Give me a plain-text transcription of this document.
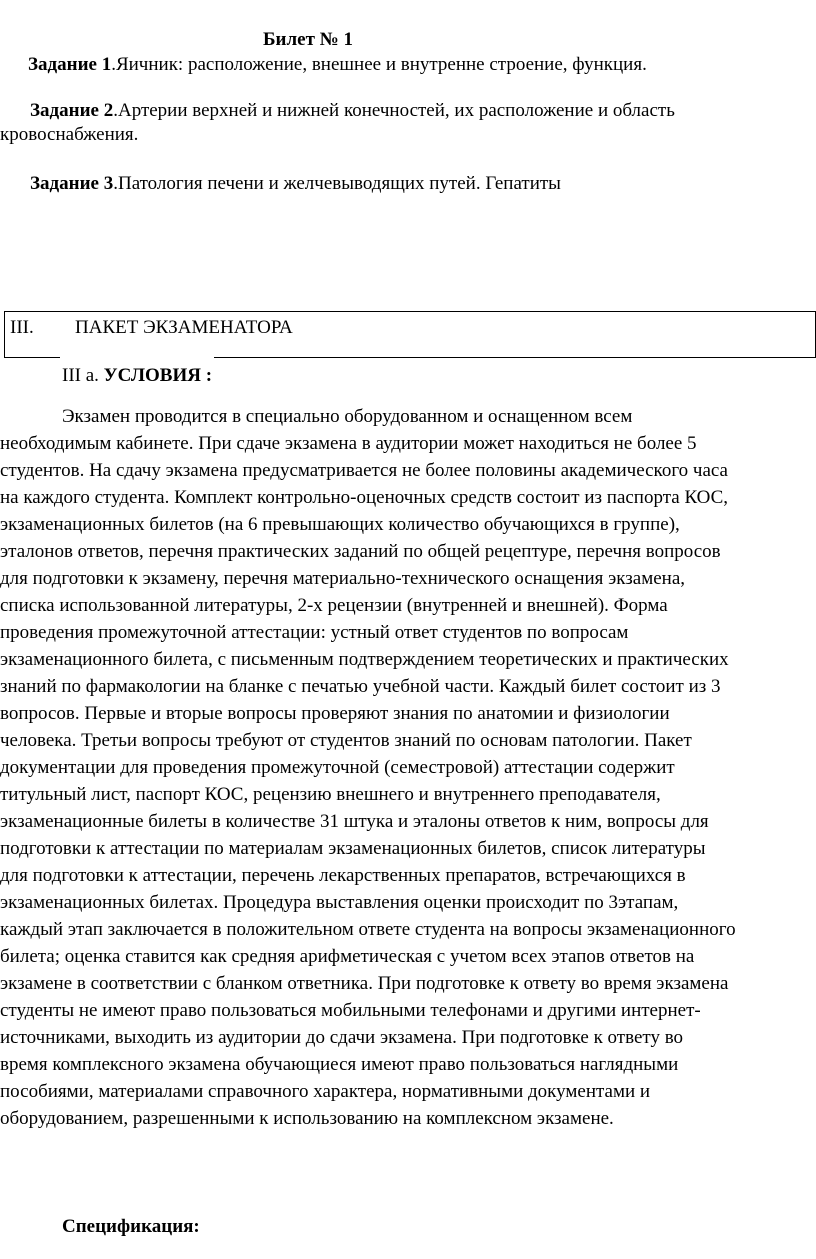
Билет № 1
Задание 1.Яичник: расположение, внешнее и внутренне строение, функция.
Задание 2.Артерии верхней и нижней конечностей, их расположение и область
кровоснабжения.
Задание 3.Патология печени и желчевыводящих путей. Гепатиты
III. ПАКЕТ ЭКЗАМЕНАТОРА
III а. УСЛОВИЯ :
Экзамен проводится в специально оборудованном и оснащенном всем
необходимым кабинете. При сдаче экзамена в аудитории может находиться не более 5
студентов. На сдачу экзамена предусматривается не более половины академического часа
на каждого студента. Комплект контрольно-оценочных средств состоит из паспорта КОС,
экзаменационных билетов (на 6 превышающих количество обучающихся в группе),
эталонов ответов, перечня практических заданий по общей рецептуре, перечня вопросов
для подготовки к экзамену, перечня материально-технического оснащения экзамена,
списка использованной литературы, 2-х рецензии (внутренней и внешней). Форма
проведения промежуточной аттестации: устный ответ студентов по вопросам
экзаменационного билета, с письменным подтверждением теоретических и практических
знаний по фармакологии на бланке с печатью учебной части. Каждый билет состоит из 3
вопросов. Первые и вторые вопросы проверяют знания по анатомии и физиологии
человека. Третьи вопросы требуют от студентов знаний по основам патологии. Пакет
документации для проведения промежуточной (семестровой) аттестации содержит
титульный лист, паспорт КОС, рецензию внешнего и внутреннего преподавателя,
экзаменационные билеты в количестве 31 штука и эталоны ответов к ним, вопросы для
подготовки к аттестации по материалам экзаменационных билетов, список литературы
для подготовки к аттестации, перечень лекарственных препаратов, встречающихся в
экзаменационных билетах. Процедура выставления оценки происходит по 3этапам,
каждый этап заключается в положительном ответе студента на вопросы экзаменационного
билета; оценка ставится как средняя арифметическая с учетом всех этапов ответов на
экзамене в соответствии с бланком ответника. При подготовке к ответу во время экзамена
студенты не имеют право пользоваться мобильными телефонами и другими интернет-
источниками, выходить из аудитории до сдачи экзамена. При подготовке к ответу во
время комплексного экзамена обучающиеся имеют право пользоваться наглядными
пособиями, материалами справочного характера, нормативными документами и
оборудованием, разрешенными к использованию на комплексном экзамене.
Спецификация:
